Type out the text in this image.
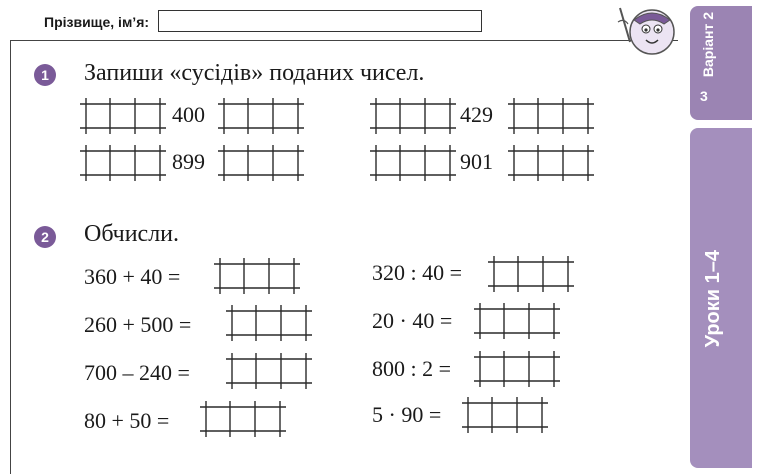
Прізвище, ім’я:	Варіант 2
3
Уроки 1–4
1 Запиши «сусідів» поданих чисел.
400	429
899	901
2 Обчисли.
360 + 40 =	320 : 40 =
260 + 500 =	20 · 40 =
700 – 240 =	800 : 2 =
80 + 50 =	5 · 90 =
